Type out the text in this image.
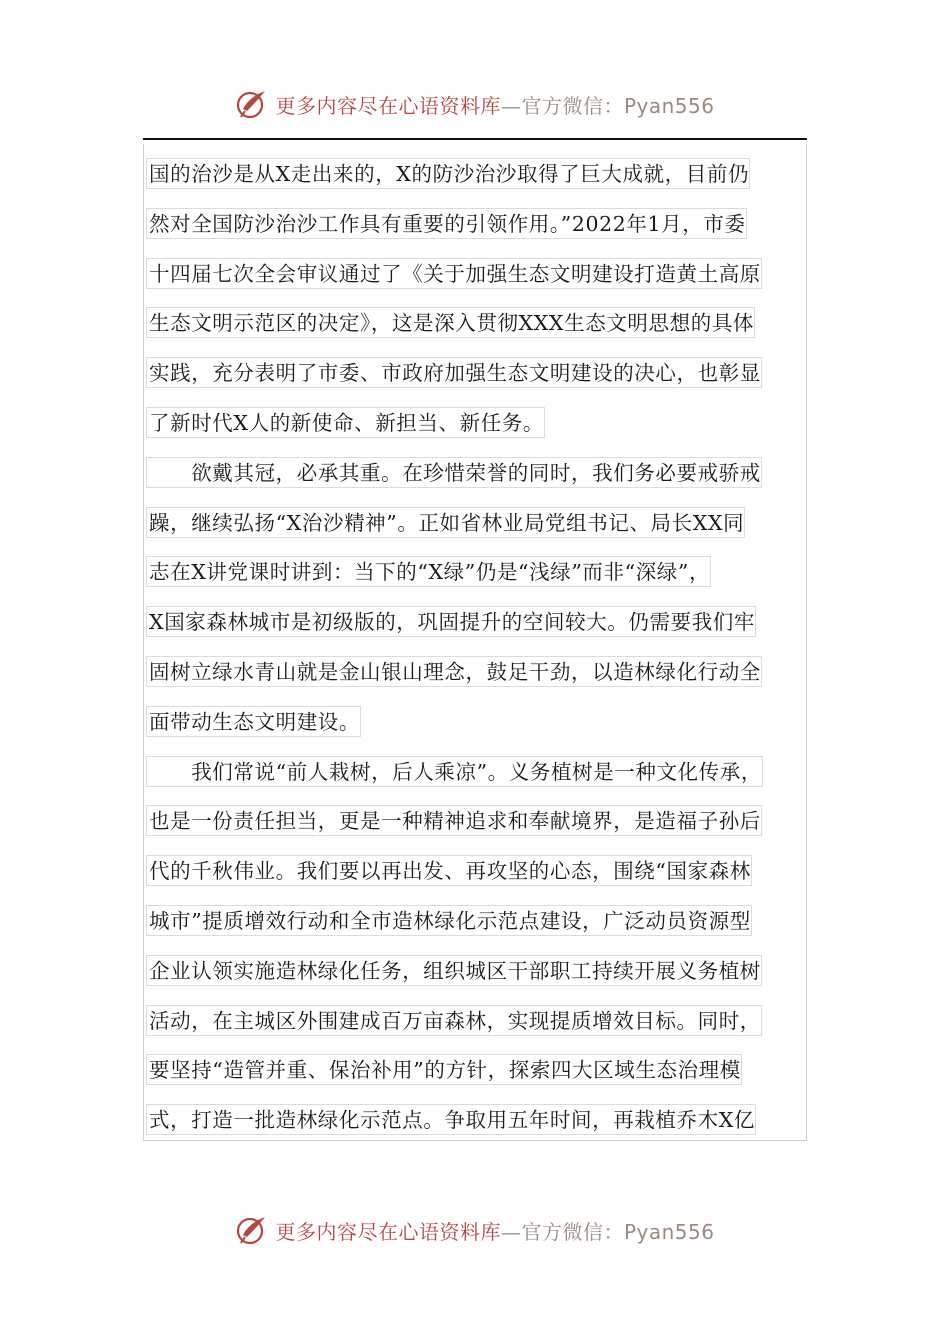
更多内容尽在心语资料库—官方微信：Pyan556
国的治沙是从X走出来的，X的防沙治沙取得了巨大成就，目前仍
然对全国防沙治沙工作具有重要的引领作用。”2022年1月，市委
十四届七次全会审议通过了《关于加强生态文明建设打造黄土高原
生态文明示范区的决定》，这是深入贯彻XXX生态文明思想的具体
实践，充分表明了市委、市政府加强生态文明建设的决心，也彰显
了新时代X人的新使命、新担当、新任务。
　　欲戴其冠，必承其重。在珍惜荣誉的同时，我们务必要戒骄戒
躁，继续弘扬“X治沙精神”。正如省林业局党组书记、局长XX同
志在X讲党课时讲到：当下的“X绿”仍是“浅绿”而非“深绿”，
X国家森林城市是初级版的，巩固提升的空间较大。仍需要我们牢
固树立绿水青山就是金山银山理念，鼓足干劲，以造林绿化行动全
面带动生态文明建设。
　　我们常说“前人栽树，后人乘凉”。义务植树是一种文化传承，
也是一份责任担当，更是一种精神追求和奉献境界，是造福子孙后
代的千秋伟业。我们要以再出发、再攻坚的心态，围绕“国家森林
城市”提质增效行动和全市造林绿化示范点建设，广泛动员资源型
企业认领实施造林绿化任务，组织城区干部职工持续开展义务植树
活动，在主城区外围建成百万亩森林，实现提质增效目标。同时，
要坚持“造管并重、保治补用”的方针，探索四大区域生态治理模
式，打造一批造林绿化示范点。争取用五年时间，再栽植乔木X亿
更多内容尽在心语资料库—官方微信：Pyan556
